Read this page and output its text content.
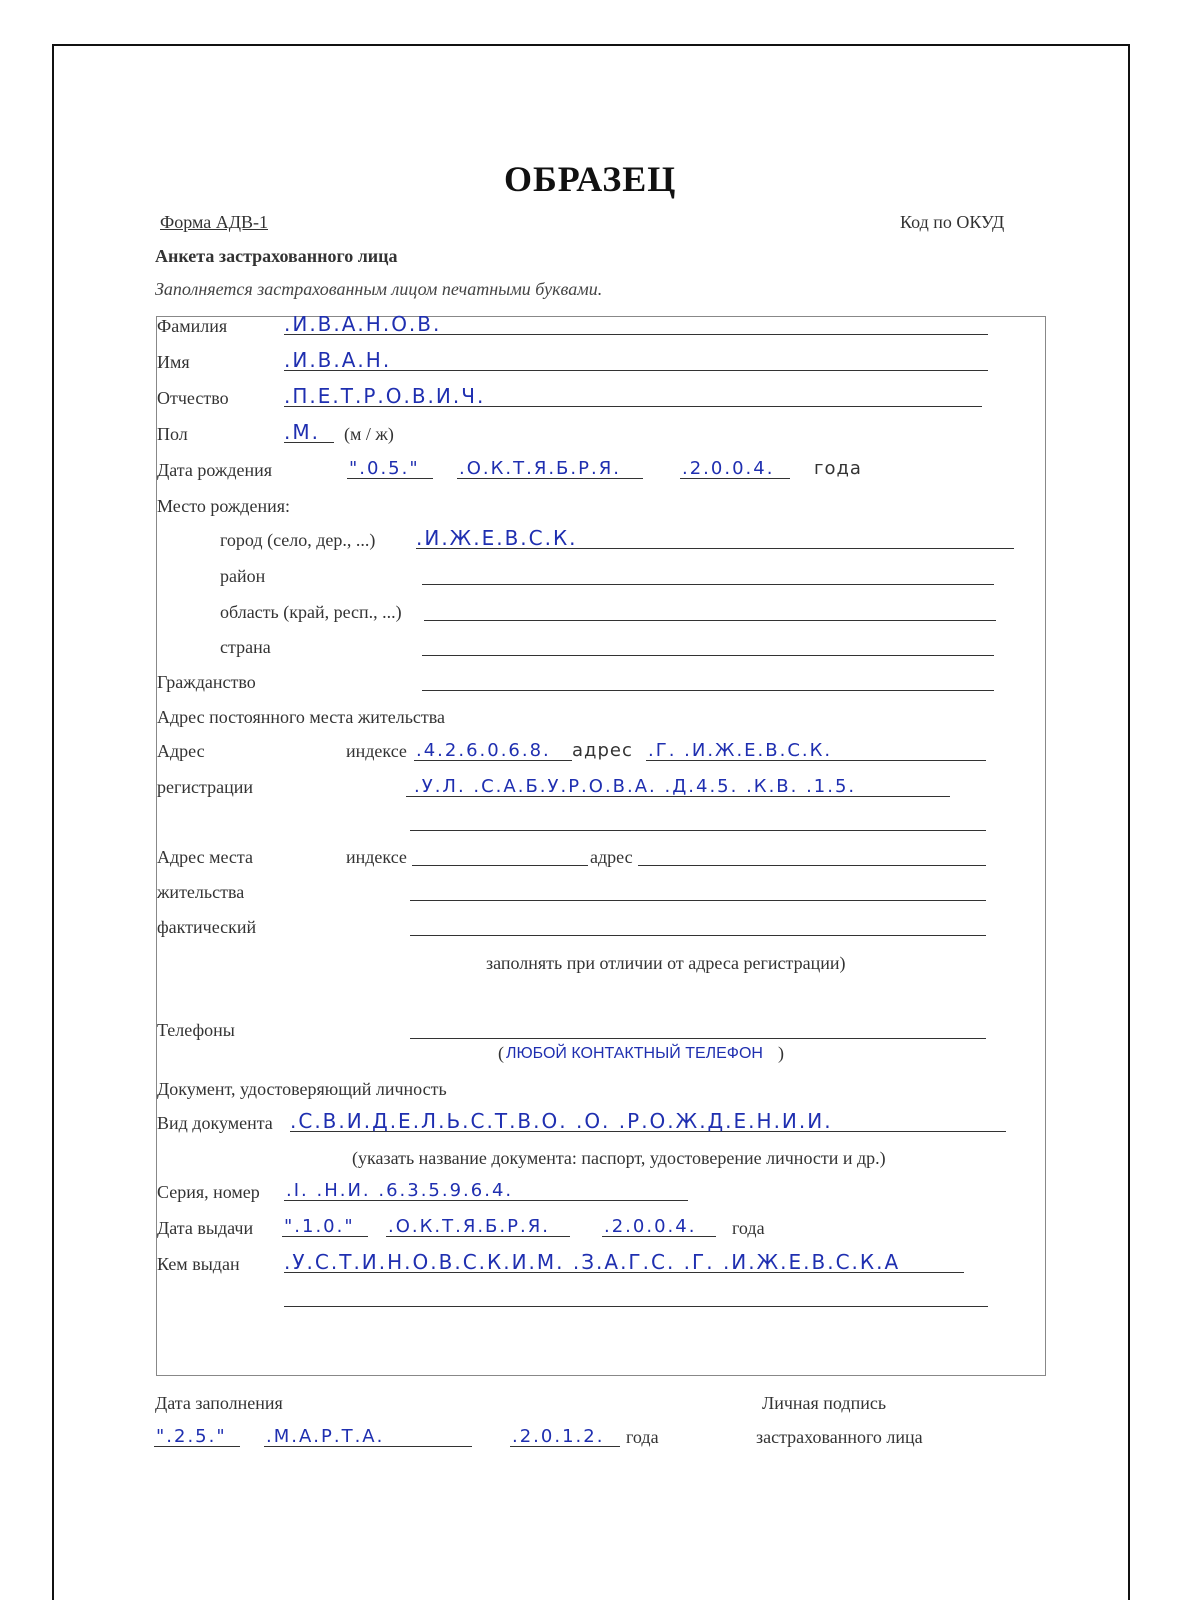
ОБРАЗЕЦ
Форма АДВ-1	Код по ОКУД
Анкета застрахованного лица
Заполняется застрахованным лицом печатными буквами.
Фамилия	.И.В.А.Н.О.В.
Имя	.И.В.А.Н.
Отчество	.П.Е.Т.Р.О.В.И.Ч.
Пол	.М. (м / ж)
Дата рождения	".0.5." .О.К.Т.Я.Б.Р.Я.	.2.0.0.4. года
Место рождения:
город (село, дер., ...) .И.Ж.Е.В.С.К.
район
область (край, респ., ...)
страна
Гражданство
Адрес постоянного места жительства
Адрес
регистрации
индексе .4.2.6.0.6.8. адрес .Г. .И.Ж.Е.В.С.К.
.У.Л. .С.А.Б.У.Р.О.В.А. .Д.4.5. .К.В. .1.5.
Адрес места
жительства
фактический
индексе	адрес
заполнять при отличии от адреса регистрации)
Телефоны
( ЛЮБОЙ КОНТАКТНЫЙ ТЕЛЕФОН )
Документ, удостоверяющий личность
Вид документа .С.В.И.Д.Е.Л.Ь.С.Т.В.О. .О. .Р.О.Ж.Д.Е.Н.И.И.
(указать название документа: паспорт, удостоверение личности и др.)
Серия, номер .I. .Н.И. .6.3.5.9.6.4.
Дата выдачи ".1.0." .О.К.Т.Я.Б.Р.Я.	.2.0.0.4. года
Кем выдан .У.С.Т.И.Н.О.В.С.К.И.М. .З.А.Г.С. .Г. .И.Ж.Е.В.С.К.А
Дата заполнения
".2.5." .М.А.Р.Т.А.	.2.0.1.2. года
Личная подпись
застрахованного лица
